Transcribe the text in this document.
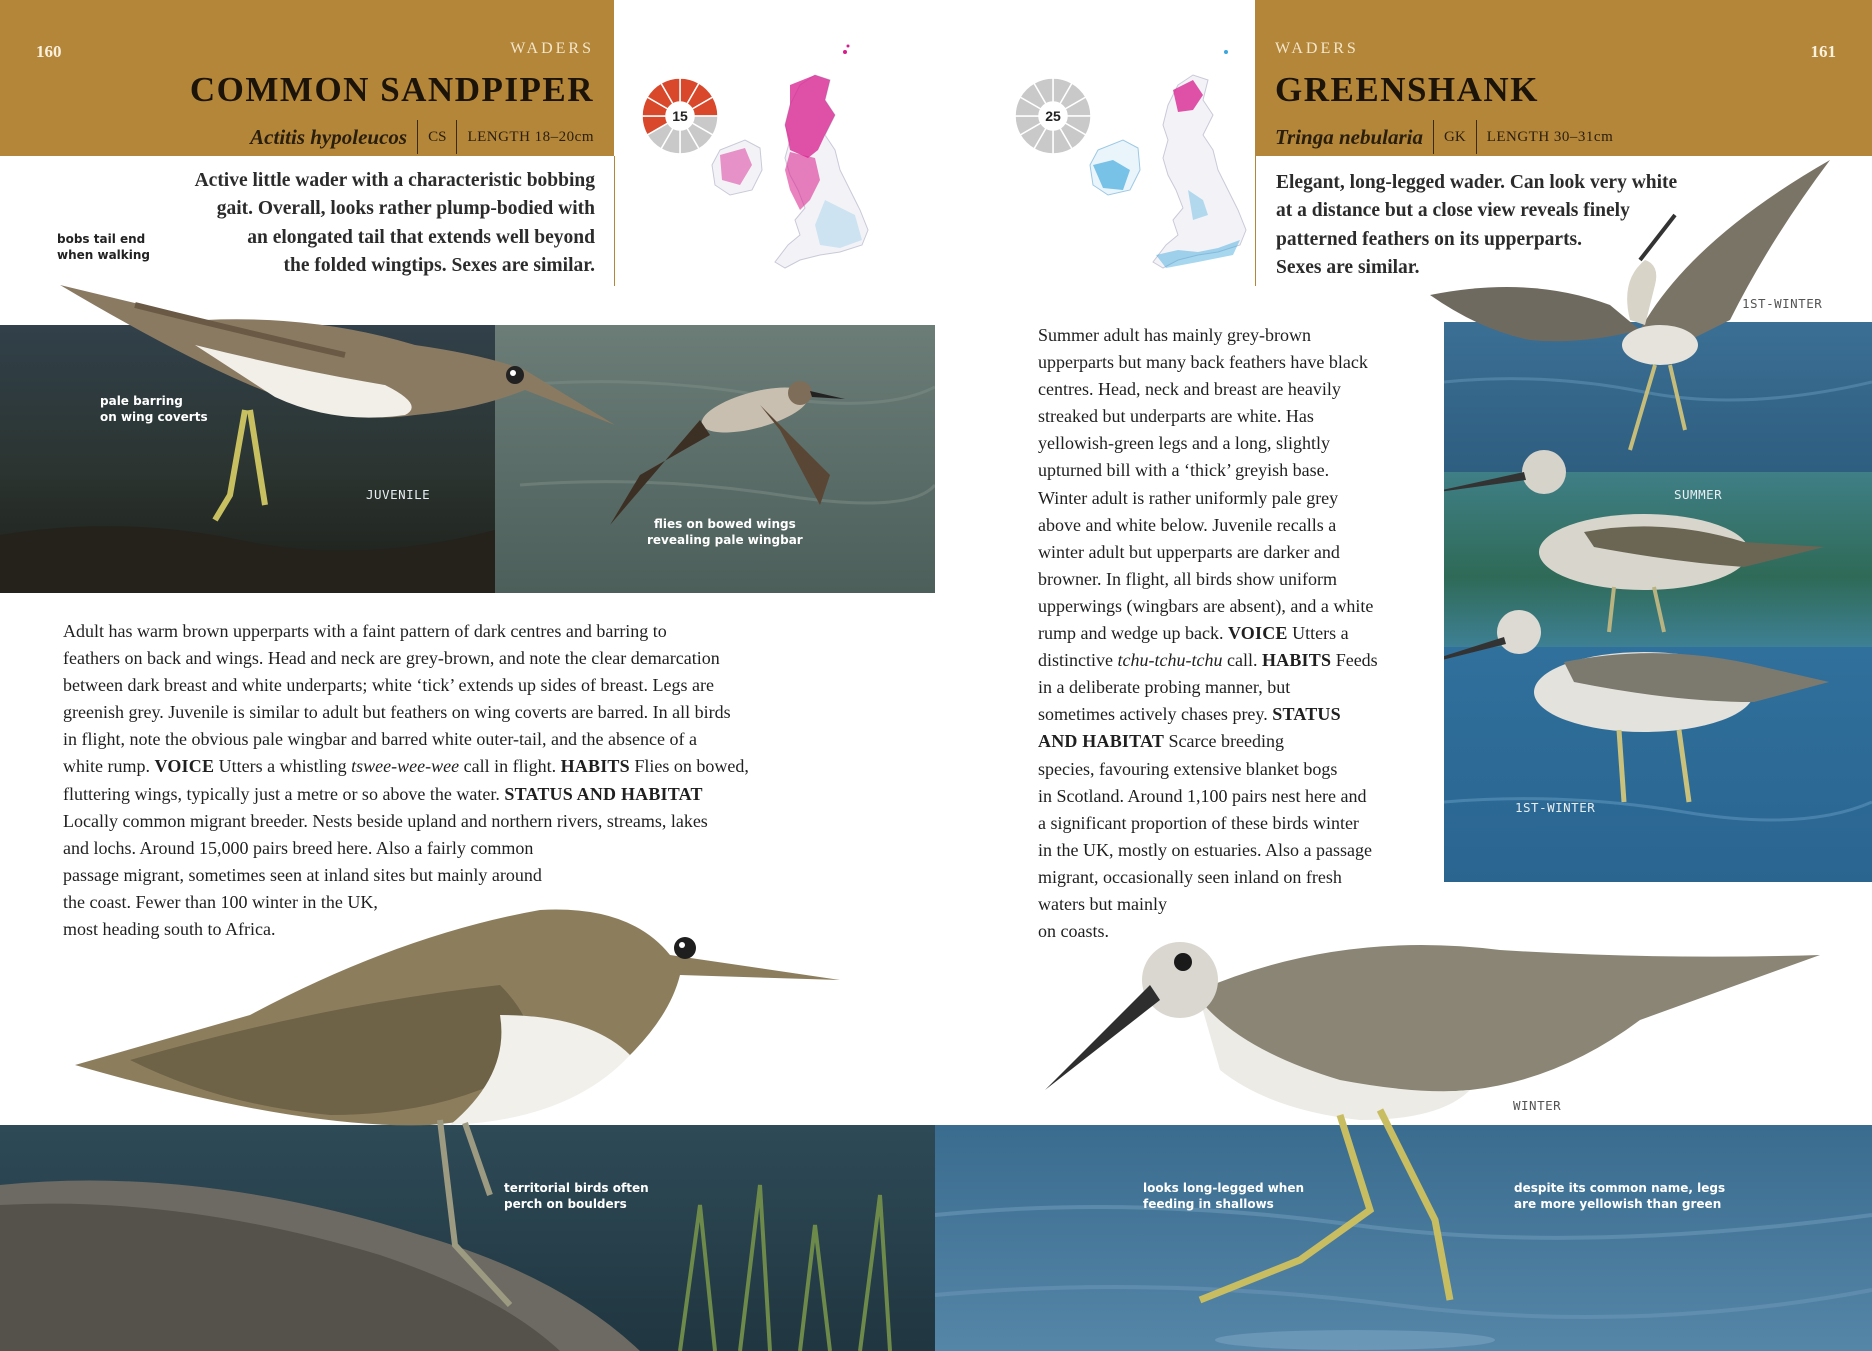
160	WADERS
COMMON SANDPIPER
Actitis hypoleucos	CS	LENGTH 18–20cm
161
WADERS
GREENSHANK
Tringa nebularia	GK	LENGTH 30–31cm
15	25
Active little wader with a characteristic bobbing
gait. Overall, looks rather plump-bodied with
an elongated tail that extends well beyond
the folded wingtips. Sexes are similar.
Elegant, long-legged wader. Can look very white
at a distance but a close view reveals finely
patterned feathers on its upperparts.
Sexes are similar.
bobs tail end
when walking
pale barring
on wing coverts
JUVENILE
flies on bowed wings
revealing pale wingbar

Adult has warm brown upperparts with a faint pattern of dark centres and barring to

feathers on back and wings. Head and neck are grey-brown, and note the clear demarcation

between dark breast and white underparts; white ‘tick’ extends up sides of breast. Legs are

greenish grey. Juvenile is similar to adult but feathers on wing coverts are barred. In all birds

in flight, note the obvious pale wingbar and barred white outer-tail, and the absence of a

white rump. VOICE Utters a whistling tswee-wee-wee call in flight. HABITS Flies on bowed,

fluttering wings, typically just a metre or so above the water. STATUS AND HABITAT

Locally common migrant breeder. Nests beside upland and northern rivers, streams, lakes

and lochs. Around 15,000 pairs breed here. Also a fairly common

passage migrant, sometimes seen at inland sites but mainly around

the coast. Fewer than 100 winter in the UK,

most heading south to Africa.

territorial birds often
perch on boulders

Summer adult has mainly grey-brown

upperparts but many back feathers have black

centres. Head, neck and breast are heavily

streaked but underparts are white. Has

yellowish-green legs and a long, slightly

upturned bill with a ‘thick’ greyish base.

Winter adult is rather uniformly pale grey

above and white below. Juvenile recalls a

winter adult but upperparts are darker and

browner. In flight, all birds show uniform

upperwings (wingbars are absent), and a white

rump and wedge up back. VOICE Utters a

distinctive tchu-tchu-tchu call. HABITS Feeds

in a deliberate probing manner, but

sometimes actively chases prey. STATUS

AND HABITAT Scarce breeding

species, favouring extensive blanket bogs

in Scotland. Around 1,100 pairs nest here and

a significant proportion of these birds winter

in the UK, mostly on estuaries. Also a passage

migrant, occasionally seen inland on fresh

waters but mainly

on coasts.

1ST-WINTER
SUMMER
1ST-WINTER
WINTER
looks long-legged when
feeding in shallows
despite its common name, legs
are more yellowish than green
